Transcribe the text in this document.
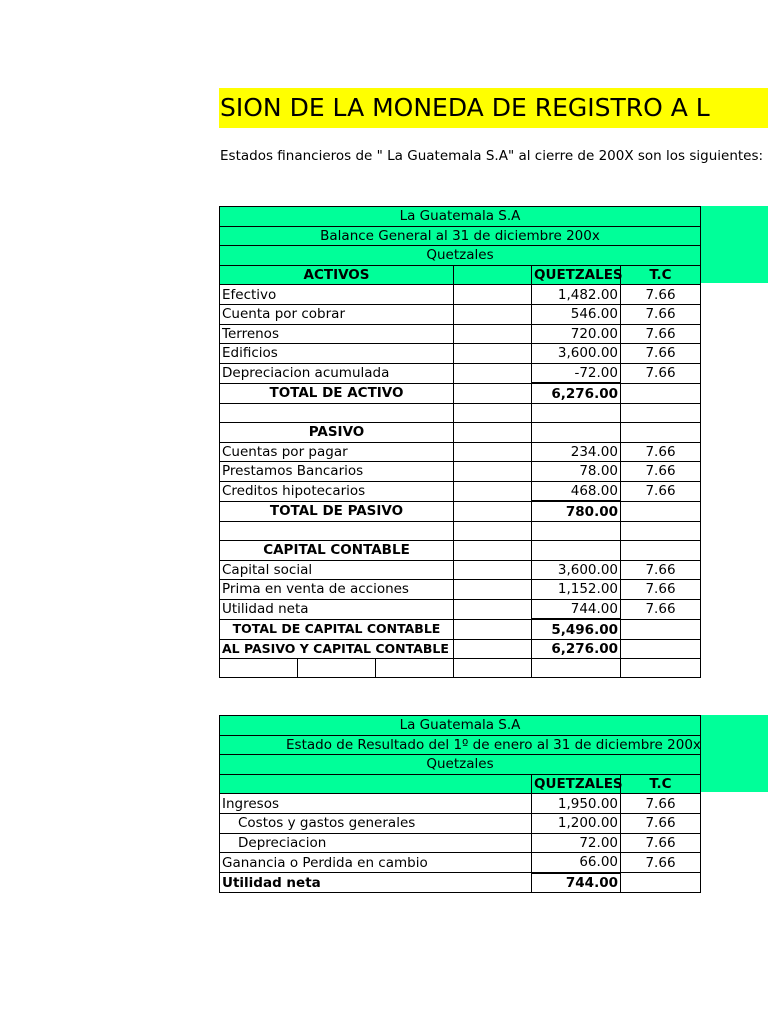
SION DE LA MONEDA DE REGISTRO A L
Estados financieros de " La Guatemala S.A" al cierre de 200X son los siguientes:
La Guatemala S.A					
Balance General al 31 de diciembre 200x					
Quetzales					
ACTIVOS				QUETZALES	T.C
Efectivo				1,482.00	7.66
Cuenta por cobrar				546.00	7.66
Terrenos				720.00	7.66
Edificios				3,600.00	7.66
Depreciacion acumulada				-72.00	7.66
TOTAL DE ACTIVO				6,276.00	

PASIVO					
Cuentas por pagar				234.00	7.66
Prestamos Bancarios				78.00	7.66
Creditos hipotecarios				468.00	7.66
TOTAL DE PASIVO				780.00	

CAPITAL CONTABLE					
Capital social				3,600.00	7.66
Prima en venta de acciones				1,152.00	7.66
Utilidad neta				744.00	7.66
TOTAL DE CAPITAL CONTABLE				5,496.00	
AL PASIVO Y CAPITAL CONTABLE				6,276.00	

La Guatemala S.A		
Estado de Resultado del 1º de enero al 31 de diciembre 200x		
Quetzales		
	QUETZALES	T.C
Ingresos	1,950.00	7.66
Costos y gastos generales	1,200.00	7.66
Depreciacion	72.00	7.66
Ganancia o Perdida en cambio	66.00	7.66
Utilidad neta	744.00	
